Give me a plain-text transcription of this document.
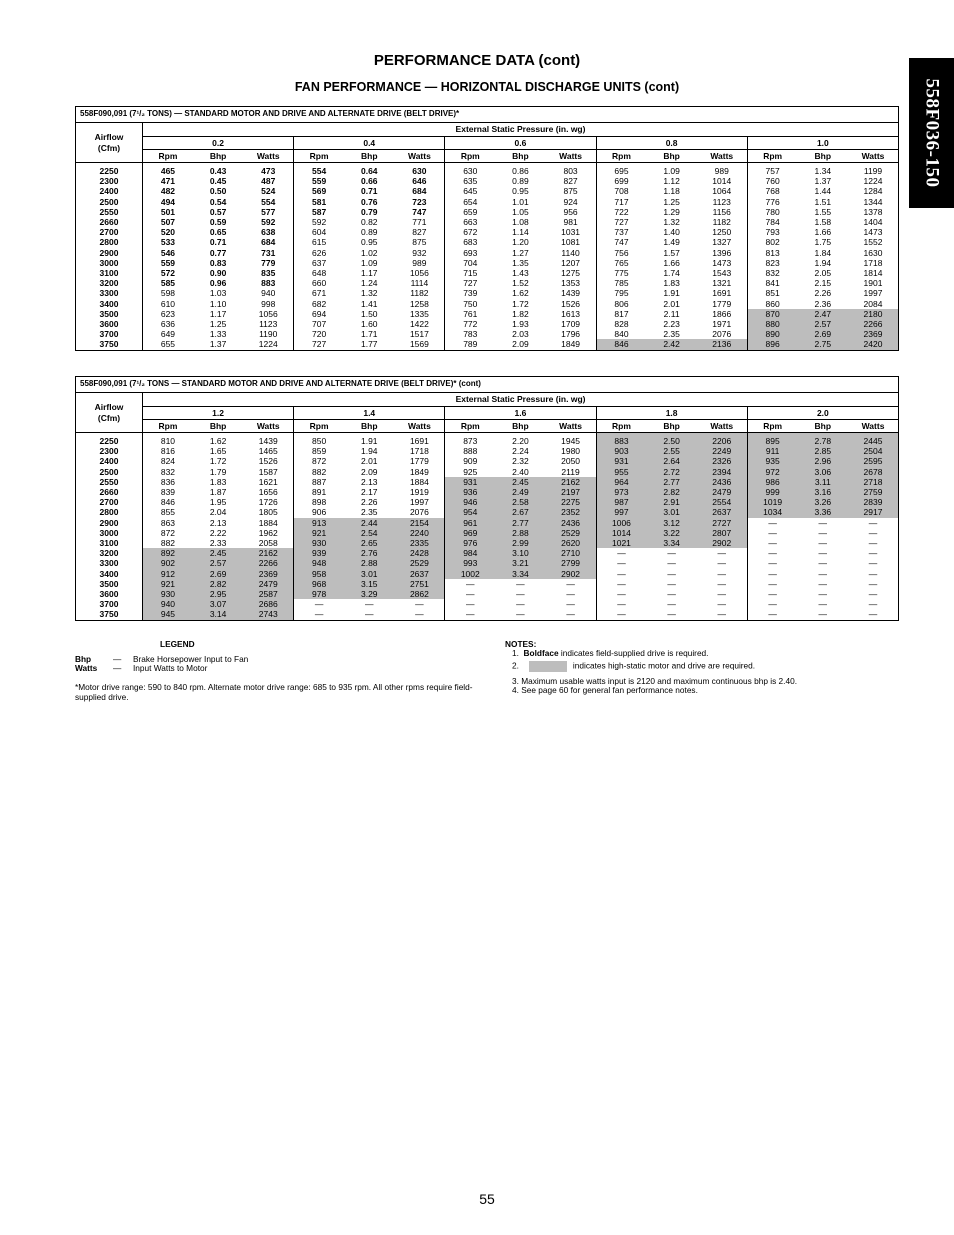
558F036-150
PERFORMANCE DATA (cont)
FAN PERFORMANCE — HORIZONTAL DISCHARGE UNITS (cont)
558F090,091 (7¹/₂ TONS) — STANDARD MOTOR AND DRIVE AND ALTERNATE DRIVE (BELT DRIVE)*															
Airflow
(Cfm)	External Static Pressure (in. wg)														
	0.2			0.4			0.6			0.8			1.0		
	Rpm	Bhp	Watts	Rpm	Bhp	Watts	Rpm	Bhp	Watts	Rpm	Bhp	Watts	Rpm	Bhp	Watts
2250	465	0.43	473	554	0.64	630	630	0.86	803	695	1.09	989	757	1.34	1199
2300	471	0.45	487	559	0.66	646	635	0.89	827	699	1.12	1014	760	1.37	1224
2400	482	0.50	524	569	0.71	684	645	0.95	875	708	1.18	1064	768	1.44	1284
2500	494	0.54	554	581	0.76	723	654	1.01	924	717	1.25	1123	776	1.51	1344
2550	501	0.57	577	587	0.79	747	659	1.05	956	722	1.29	1156	780	1.55	1378
2660	507	0.59	592	592	0.82	771	663	1.08	981	727	1.32	1182	784	1.58	1404
2700	520	0.65	638	604	0.89	827	672	1.14	1031	737	1.40	1250	793	1.66	1473
2800	533	0.71	684	615	0.95	875	683	1.20	1081	747	1.49	1327	802	1.75	1552
2900	546	0.77	731	626	1.02	932	693	1.27	1140	756	1.57	1396	813	1.84	1630
3000	559	0.83	779	637	1.09	989	704	1.35	1207	765	1.66	1473	823	1.94	1718
3100	572	0.90	835	648	1.17	1056	715	1.43	1275	775	1.74	1543	832	2.05	1814
3200	585	0.96	883	660	1.24	1114	727	1.52	1353	785	1.83	1321	841	2.15	1901
3300	598	1.03	940	671	1.32	1182	739	1.62	1439	795	1.91	1691	851	2.26	1997
3400	610	1.10	998	682	1.41	1258	750	1.72	1526	806	2.01	1779	860	2.36	2084
3500	623	1.17	1056	694	1.50	1335	761	1.82	1613	817	2.11	1866	870	2.47	2180
3600	636	1.25	1123	707	1.60	1422	772	1.93	1709	828	2.23	1971	880	2.57	2266
3700	649	1.33	1190	720	1.71	1517	783	2.03	1796	840	2.35	2076	890	2.69	2369
3750	655	1.37	1224	727	1.77	1569	789	2.09	1849	846	2.42	2136	896	2.75	2420
558F090,091 (7¹/₂ TONS — STANDARD MOTOR AND DRIVE AND ALTERNATE DRIVE (BELT DRIVE)* (cont)															
Airflow
(Cfm)	External Static Pressure (in. wg)														
	1.2			1.4			1.6			1.8			2.0		
	Rpm	Bhp	Watts	Rpm	Bhp	Watts	Rpm	Bhp	Watts	Rpm	Bhp	Watts	Rpm	Bhp	Watts
2250	810	1.62	1439	850	1.91	1691	873	2.20	1945	883	2.50	2206	895	2.78	2445
2300	816	1.65	1465	859	1.94	1718	888	2.24	1980	903	2.55	2249	911	2.85	2504
2400	824	1.72	1526	872	2.01	1779	909	2.32	2050	931	2.64	2326	935	2.96	2595
2500	832	1.79	1587	882	2.09	1849	925	2.40	2119	955	2.72	2394	972	3.06	2678
2550	836	1.83	1621	887	2.13	1884	931	2.45	2162	964	2.77	2436	986	3.11	2718
2660	839	1.87	1656	891	2.17	1919	936	2.49	2197	973	2.82	2479	999	3.16	2759
2700	846	1.95	1726	898	2.26	1997	946	2.58	2275	987	2.91	2554	1019	3.26	2839
2800	855	2.04	1805	906	2.35	2076	954	2.67	2352	997	3.01	2637	1034	3.36	2917
2900	863	2.13	1884	913	2.44	2154	961	2.77	2436	1006	3.12	2727	—	—	—
3000	872	2.22	1962	921	2.54	2240	969	2.88	2529	1014	3.22	2807	—	—	—
3100	882	2.33	2058	930	2.65	2335	976	2.99	2620	1021	3.34	2902	—	—	—
3200	892	2.45	2162	939	2.76	2428	984	3.10	2710	—	—	—	—	—	—
3300	902	2.57	2266	948	2.88	2529	993	3.21	2799	—	—	—	—	—	—
3400	912	2.69	2369	958	3.01	2637	1002	3.34	2902	—	—	—	—	—	—
3500	921	2.82	2479	968	3.15	2751	—	—	—	—	—	—	—	—	—
3600	930	2.95	2587	978	3.29	2862	—	—	—	—	—	—	—	—	—
3700	940	3.07	2686	—	—	—	—	—	—	—	—	—	—	—	—
3750	945	3.14	2743	—	—	—	—	—	—	—	—	—	—	—	—
LEGEND
Bhp	— Brake Horsepower Input to Fan
Watts — Input Watts to Motor
*Motor drive range: 590 to 840 rpm. Alternate motor drive range: 685 to 935 rpm. All other rpms require field-supplied drive.
NOTES:
1. Boldface indicates field-supplied drive is required.
2.	indicates high-static motor and drive are required.
3. Maximum usable watts input is 2120 and maximum continuous bhp is 2.40.
4. See page 60 for general fan performance notes.
55
